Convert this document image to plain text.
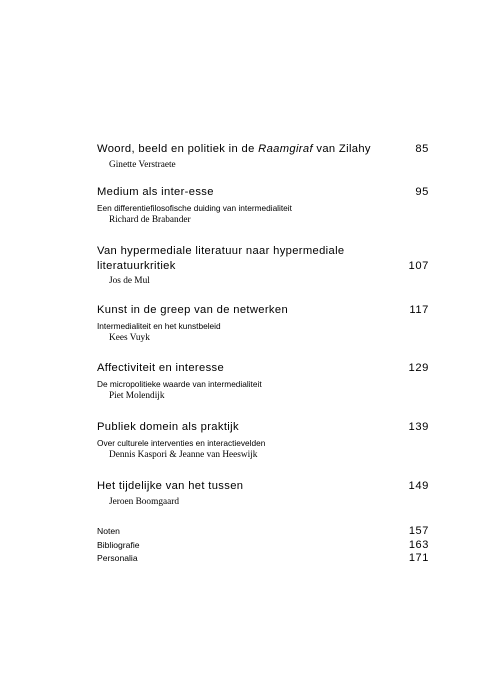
Woord, beeld en politiek in de Raamgiraf van Zilahy	85
Ginette Verstraete
Medium als inter-esse	95
Een differentiefilosofische duiding van intermedialiteit
Richard de Brabander
Van hypermediale literatuur naar hypermediale
literatuurkritiek	107
Jos de Mul
Kunst in de greep van de netwerken	117
Intermedialiteit en het kunstbeleid
Kees Vuyk
Affectiviteit en interesse	129
De micropolitieke waarde van intermedialiteit
Piet Molendijk
Publiek domein als praktijk	139
Over culturele interventies en interactievelden
Dennis Kaspori & Jeanne van Heeswijk
Het tijdelijke van het tussen	149
Jeroen Boomgaard
Noten	157
Bibliografie	163
Personalia	171
